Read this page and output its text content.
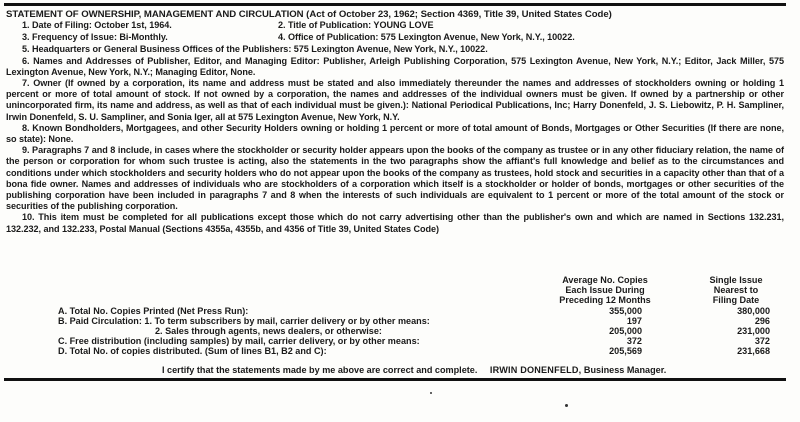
STATEMENT OF OWNERSHIP, MANAGEMENT AND CIRCULATION (Act of October 23, 1962; Section 4369, Title 39, United States Code)

1. Date of Filing: October 1st, 1964.	2. Title of Publication: YOUNG LOVE
3. Frequency of Issue: Bi-Monthly.	4. Office of Publication: 575 Lexington Avenue, New York, N.Y., 10022.
5. Headquarters or General Business Offices of the Publishers: 575 Lexington Avenue, New York, N.Y., 10022.

6. Names and Addresses of Publisher, Editor, and Managing Editor: Publisher, Arleigh Publishing Corporation, 575 Lexington Avenue, New York, N.Y.; Editor, Jack Miller, 575 Lexington Avenue, New York, N.Y.; Managing Editor, None.

7. Owner (If owned by a corporation, its name and address must be stated and also immediately thereunder the names and addresses of stockholders owning or holding 1 percent or more of total amount of stock. If not owned by a corporation, the names and addresses of the individual owners must be given. If owned by a partnership or other unincorporated firm, its name and address, as well as that of each individual must be given.): National Periodical Publications, Inc; Harry Donenfeld, J. S. Liebowitz, P. H. Sampliner, Irwin Donenfeld, S. U. Sampliner, and Sonia Iger, all at 575 Lexington Avenue, New York, N.Y.

8. Known Bondholders, Mortgagees, and other Security Holders owning or holding 1 percent or more of total amount of Bonds, Mortgages or Other Securities (If there are none, so state): None.

9. Paragraphs 7 and 8 include, in cases where the stockholder or security holder appears upon the books of the company as trustee or in any other fiduciary relation, the name of the person or corporation for whom such trustee is acting, also the statements in the two paragraphs show the affiant's full knowledge and belief as to the circumstances and conditions under which stockholders and security holders who do not appear upon the books of the company as trustees, hold stock and securities in a capacity other than that of a bona fide owner. Names and addresses of individuals who are stockholders of a corporation which itself is a stockholder or holder of bonds, mortgages or other securities of the publishing corporation have been included in paragraphs 7 and 8 when the interests of such individuals are equivalent to 1 percent or more of the total amount of the stock or securities of the publishing corporation.

10. This item must be completed for all publications except those which do not carry advertising other than the publisher's own and which are named in Sections 132.231, 132.232, and 132.233, Postal Manual (Sections 4355a, 4355b, and 4356 of Title 39, United States Code)

Average No. Copies
Each Issue During
Preceding 12 Months
Single Issue
Nearest to
Filing Date
A. Total No. Copies Printed (Net Press Run):	355,000	380,000
B. Paid Circulation: 1. To term subscribers by mail, carrier delivery or by other means:	197	296
2. Sales through agents, news dealers, or otherwise:	205,000	231,000
C. Free distribution (including samples) by mail, carrier delivery, or by other means:	372	372
D. Total No. of copies distributed. (Sum of lines B1, B2 and C):	205,569	231,668
I certify that the statements made by me above are correct and complete. IRWIN DONENFELD, Business Manager.
